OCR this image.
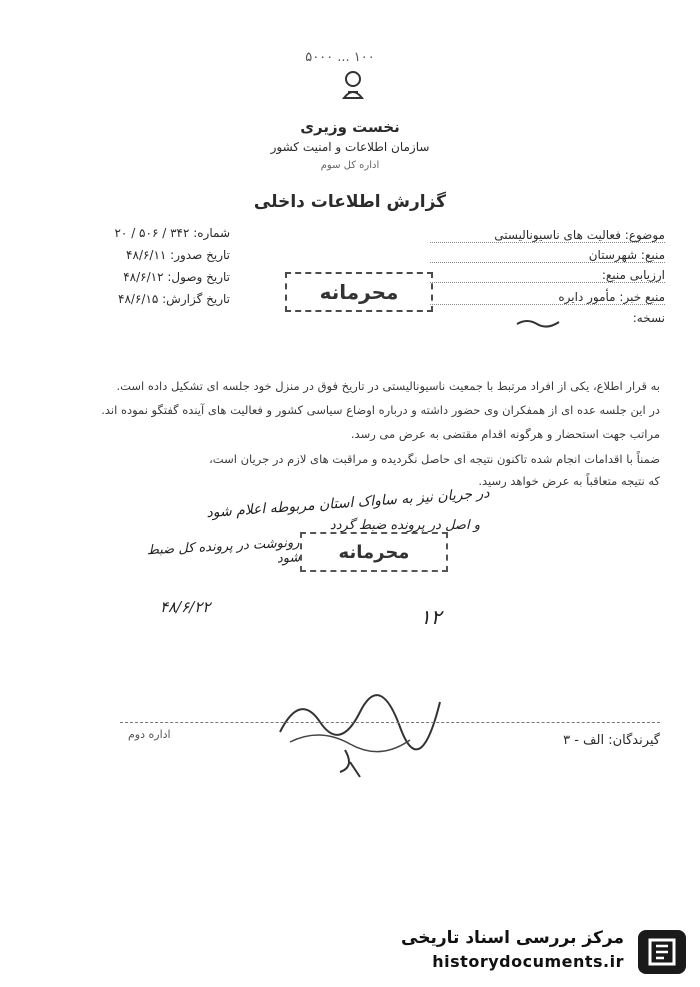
۵۰۰۰ ... ۱۰۰
نخست وزیری
سازمان اطلاعات و امنیت کشور
اداره کل سوم
گزارش اطلاعات داخلی
موضوع: فعالیت های ناسیونالیستی
منبع: شهرستان
ارزیابی منبع:
منبع خبر: مأمور دایره
نسخه:
شماره: ۳۴۲ / ۵۰۶ / ۲۰
تاریخ صدور: ۴۸/۶/۱۱
تاریخ وصول: ۴۸/۶/۱۲
تاریخ گزارش: ۴۸/۶/۱۵	محرمانه
به قرار اطلاع، یکی از افراد مرتبط با جمعیت ناسیونالیستی در تاریخ فوق در منزل خود جلسه ای تشکیل داده است.
در این جلسه عده ای از همفکران وی حضور داشته و درباره اوضاع سیاسی کشور و فعالیت های آینده گفتگو نموده اند.
مراتب جهت استحضار و هرگونه اقدام مقتضی به عرض می رسد.
ضمناً با اقدامات انجام شده تاکنون نتیجه ای حاصل نگردیده و مراقبت های لازم در جریان است،
که نتیجه متعاقباً به عرض خواهد رسید.
در جریان نیز به ساواک استان مربوطه اعلام شود
و اصل در پرونده ضبط گردد
رونوشت در پرونده کل ضبط شود	محرمانه
۴۸/۶/۲۲	۱۲
اداره دوم	گیرندگان: الف - ۳
مرکز بررسی اسناد تاریخی
historydocuments.ir
